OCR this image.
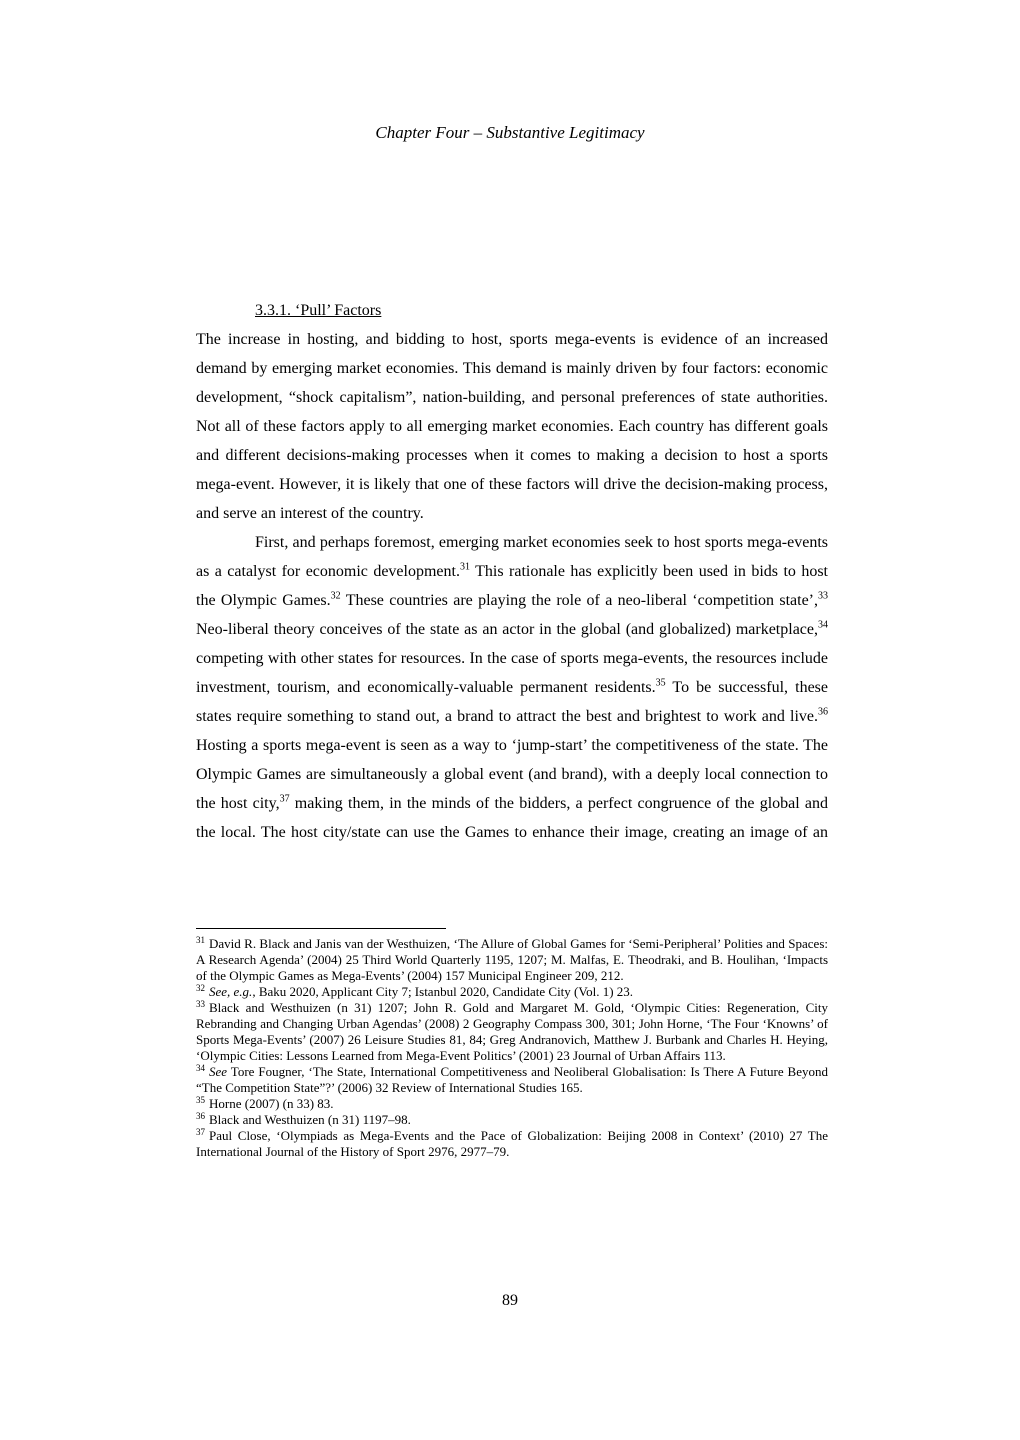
Chapter Four – Substantive Legitimacy

3.3.1. ‘Pull’ Factors

The increase in hosting, and bidding to host, sports mega-events is evidence of an increased demand by emerging market economies. This demand is mainly driven by four factors: economic development, “shock capitalism”, nation-building, and personal preferences of state authorities. Not all of these factors apply to all emerging market economies. Each country has different goals and different decisions-making processes when it comes to making a decision to host a sports mega-event. However, it is likely that one of these factors will drive the decision-making process, and serve an interest of the country.

First, and perhaps foremost, emerging market economies seek to host sports mega-events as a catalyst for economic development.$^{31}$ This rationale has explicitly been used in bids to host the Olympic Games.$^{32}$ These countries are playing the role of a neo-liberal ‘competition state’,$^{33}$ Neo-liberal theory conceives of the state as an actor in the global (and globalized) marketplace,$^{34}$ competing with other states for resources. In the case of sports mega-events, the resources include investment, tourism, and economically-valuable permanent residents.$^{35}$ To be successful, these states require something to stand out, a brand to attract the best and brightest to work and live.$^{36}$ Hosting a sports mega-event is seen as a way to ‘jump-start’ the competitiveness of the state. The Olympic Games are simultaneously a global event (and brand), with a deeply local connection to the host city,$^{37}$ making them, in the minds of the bidders, a perfect congruence of the global and the local. The host city/state can use the Games to enhance their image, creating an image of an

$^{31}$ David R. Black and Janis van der Westhuizen, ‘The Allure of Global Games for ‘Semi-Peripheral’ Polities and Spaces: A Research Agenda’ (2004) 25 Third World Quarterly 1195, 1207; M. Malfas, E. Theodraki, and B. Houlihan, ‘Impacts of the Olympic Games as Mega-Events’ (2004) 157 Municipal Engineer 209, 212.

$^{32}$ See, e.g., Baku 2020, Applicant City 7; Istanbul 2020, Candidate City (Vol. 1) 23.

$^{33}$ Black and Westhuizen (n 31) 1207; John R. Gold and Margaret M. Gold, ‘Olympic Cities: Regeneration, City Rebranding and Changing Urban Agendas’ (2008) 2 Geography Compass 300, 301; John Horne, ‘The Four ‘Knowns’ of Sports Mega-Events’ (2007) 26 Leisure Studies 81, 84; Greg Andranovich, Matthew J. Burbank and Charles H. Heying, ‘Olympic Cities: Lessons Learned from Mega-Event Politics’ (2001) 23 Journal of Urban Affairs 113.

$^{34}$ See Tore Fougner, ‘The State, International Competitiveness and Neoliberal Globalisation: Is There A Future Beyond “The Competition State”?’ (2006) 32 Review of International Studies 165.

$^{35}$ Horne (2007) (n 33) 83.

$^{36}$ Black and Westhuizen (n 31) 1197–98.

$^{37}$ Paul Close, ‘Olympiads as Mega-Events and the Pace of Globalization: Beijing 2008 in Context’ (2010) 27 The International Journal of the History of Sport 2976, 2977–79.

89
